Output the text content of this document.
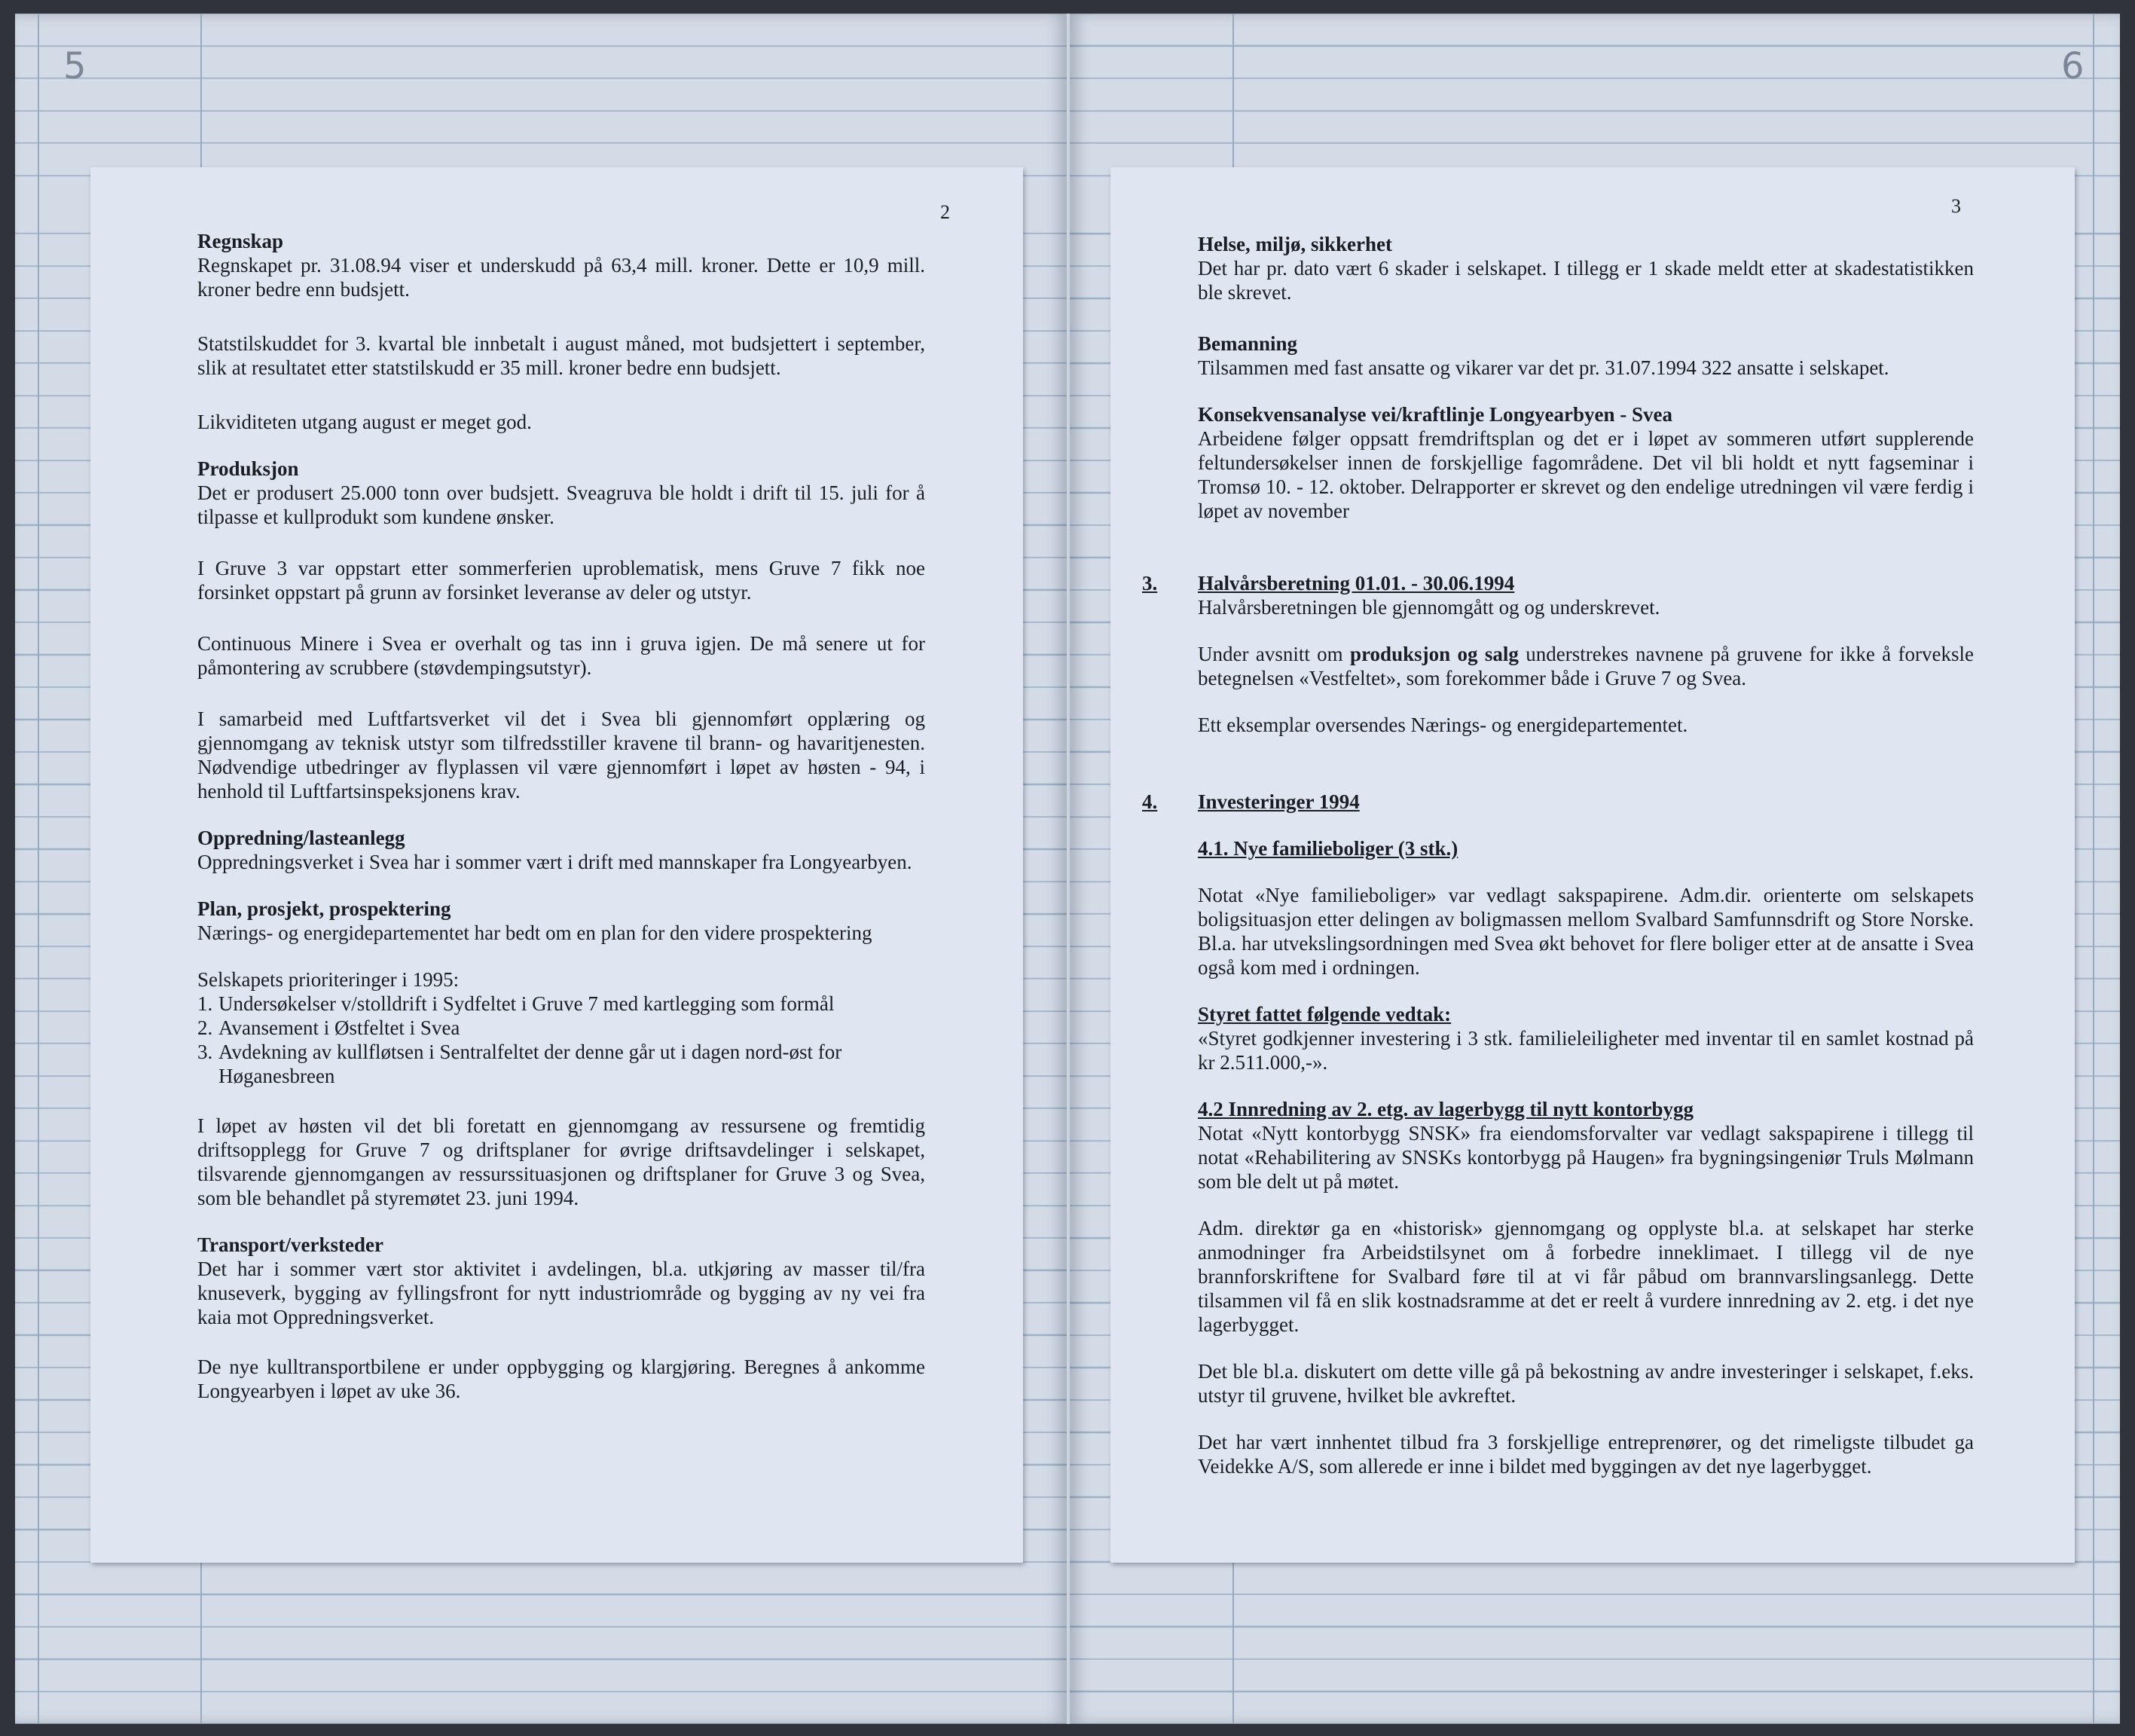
5	6
2
Regnskap

Regnskapet pr. 31.08.94 viser et underskudd på 63,4 mill. kroner. Dette er 10,9 mill. kroner bedre enn budsjett.

Statstilskuddet for 3. kvartal ble innbetalt i august måned, mot budsjettert i september, slik at resultatet etter statstilskudd er 35 mill. kroner bedre enn budsjett.

Likviditeten utgang august er meget god.

Produksjon

Det er produsert 25.000 tonn over budsjett. Sveagruva ble holdt i drift til 15. juli for å tilpasse et kullprodukt som kundene ønsker.

I Gruve 3 var oppstart etter sommerferien uproblematisk, mens Gruve 7 fikk noe forsinket oppstart på grunn av forsinket leveranse av deler og utstyr.

Continuous Minere i Svea er overhalt og tas inn i gruva igjen. De må senere ut for påmontering av scrubbere (støvdempingsutstyr).

I samarbeid med Luftfartsverket vil det i Svea bli gjennomført opplæring og gjennomgang av teknisk utstyr som tilfredsstiller kravene til brann- og havaritjenesten. Nødvendige utbedringer av flyplassen vil være gjennomført i løpet av høsten - 94, i henhold til Luftfartsinspeksjonens krav.

Oppredning/lasteanlegg

Oppredningsverket i Svea har i sommer vært i drift med mannskaper fra Longyearbyen.

Plan, prosjekt, prospektering

Nærings- og energidepartementet har bedt om en plan for den videre prospektering

Selskapets prioriteringer i 1995:

1. Undersøkelser v/stolldrift i Sydfeltet i Gruve 7 med kartlegging som formål
2. Avansement i Østfeltet i Svea
3. Avdekning av kullfløtsen i Sentralfeltet der denne går ut i dagen nord-øst for Høganesbreen

I løpet av høsten vil det bli foretatt en gjennomgang av ressursene og fremtidig driftsopplegg for Gruve 7 og driftsplaner for øvrige driftsavdelinger i selskapet, tilsvarende gjennomgangen av ressurssituasjonen og driftsplaner for Gruve 3 og Svea, som ble behandlet på styremøtet 23. juni 1994.

Transport/verksteder

Det har i sommer vært stor aktivitet i avdelingen, bl.a. utkjøring av masser til/fra knuseverk, bygging av fyllingsfront for nytt industriområde og bygging av ny vei fra kaia mot Oppredningsverket.

De nye kulltransportbilene er under oppbygging og klargjøring. Beregnes å ankomme Longyearbyen i løpet av uke 36.

3
Helse, miljø, sikkerhet

Det har pr. dato vært 6 skader i selskapet. I tillegg er 1 skade meldt etter at skadestatistikken ble skrevet.

Bemanning

Tilsammen med fast ansatte og vikarer var det pr. 31.07.1994 322 ansatte i selskapet.

Konsekvensanalyse vei/kraftlinje Longyearbyen - Svea

Arbeidene følger oppsatt fremdriftsplan og det er i løpet av sommeren utført supplerende feltundersøkelser innen de forskjellige fagområdene. Det vil bli holdt et nytt fagseminar i Tromsø 10. - 12. oktober. Delrapporter er skrevet og den endelige utredningen vil være ferdig i løpet av november

3.	Halvårsberetning 01.01. - 30.06.1994

Halvårsberetningen ble gjennomgått og og underskrevet.

Under avsnitt om produksjon og salg understrekes navnene på gruvene for ikke å forveksle betegnelsen «Vestfeltet», som forekommer både i Gruve 7 og Svea.

Ett eksemplar oversendes Nærings- og energidepartementet.

4.	Investeringer 1994
4.1. Nye familieboliger (3 stk.)

Notat «Nye familieboliger» var vedlagt sakspapirene. Adm.dir. orienterte om selskapets boligsituasjon etter delingen av boligmassen mellom Svalbard Samfunnsdrift og Store Norske. Bl.a. har utvekslingsordningen med Svea økt behovet for flere boliger etter at de ansatte i Svea også kom med i ordningen.

Styret fattet følgende vedtak:

«Styret godkjenner investering i 3 stk. familieleiligheter med inventar til en samlet kostnad på kr 2.511.000,-».

4.2 Innredning av 2. etg. av lagerbygg til nytt kontorbygg

Notat «Nytt kontorbygg SNSK» fra eiendomsforvalter var vedlagt sakspapirene i tillegg til notat «Rehabilitering av SNSKs kontorbygg på Haugen» fra bygningsingeniør Truls Mølmann som ble delt ut på møtet.

Adm. direktør ga en «historisk» gjennomgang og opplyste bl.a. at selskapet har sterke anmodninger fra Arbeidstilsynet om å forbedre inneklimaet. I tillegg vil de nye brannforskriftene for Svalbard føre til at vi får påbud om brannvarslingsanlegg. Dette tilsammen vil få en slik kostnadsramme at det er reelt å vurdere innredning av 2. etg. i det nye lagerbygget.

Det ble bl.a. diskutert om dette ville gå på bekostning av andre investeringer i selskapet, f.eks. utstyr til gruvene, hvilket ble avkreftet.

Det har vært innhentet tilbud fra 3 forskjellige entreprenører, og det rimeligste tilbudet ga Veidekke A/S, som allerede er inne i bildet med byggingen av det nye lagerbygget.
